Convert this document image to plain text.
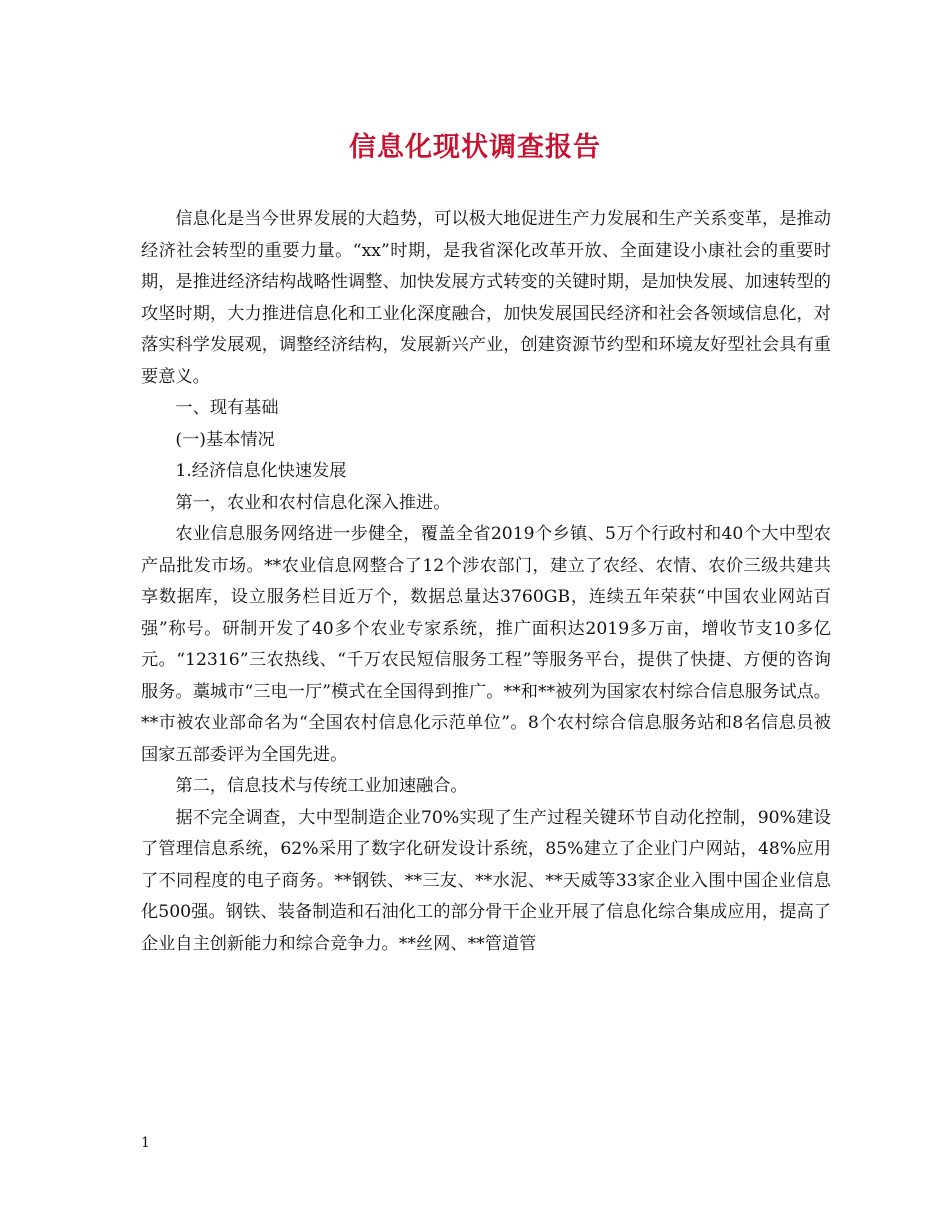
信息化现状调查报告

信息化是当今世界发展的大趋势，可以极大地促进生产力发展和生产关系变革，是推动经济社会转型的重要力量。“xx”时期，是我省深化改革开放、全面建设小康社会的重要时期，是推进经济结构战略性调整、加快发展方式转变的关键时期，是加快发展、加速转型的攻坚时期，大力推进信息化和工业化深度融合，加快发展国民经济和社会各领域信息化，对落实科学发展观，调整经济结构，发展新兴产业，创建资源节约型和环境友好型社会具有重要意义。

一、现有基础

(一)基本情况

1.经济信息化快速发展

第一，农业和农村信息化深入推进。

农业信息服务网络进一步健全，覆盖全省2019个乡镇、5万个行政村和40个大中型农产品批发市场。**农业信息网整合了12个涉农部门，建立了农经、农情、农价三级共建共享数据库，设立服务栏目近万个，数据总量达3760GB，连续五年荣获“中国农业网站百强”称号。研制开发了40多个农业专家系统，推广面积达2019多万亩，增收节支10多亿元。“12316”三农热线、“千万农民短信服务工程”等服务平台，提供了快捷、方便的咨询服务。藁城市“三电一厅”模式在全国得到推广。**和**被列为国家农村综合信息服务试点。**市被农业部命名为“全国农村信息化示范单位”。8个农村综合信息服务站和8名信息员被国家五部委评为全国先进。

第二，信息技术与传统工业加速融合。

据不完全调查，大中型制造企业70%实现了生产过程关键环节自动化控制，90%建设了管理信息系统，62%采用了数字化研发设计系统，85%建立了企业门户网站，48%应用了不同程度的电子商务。**钢铁、**三友、**水泥、**天威等33家企业入围中国企业信息化500强。钢铁、装备制造和石油化工的部分骨干企业开展了信息化综合集成应用，提高了企业自主创新能力和综合竞争力。**丝网、**管道管

1
